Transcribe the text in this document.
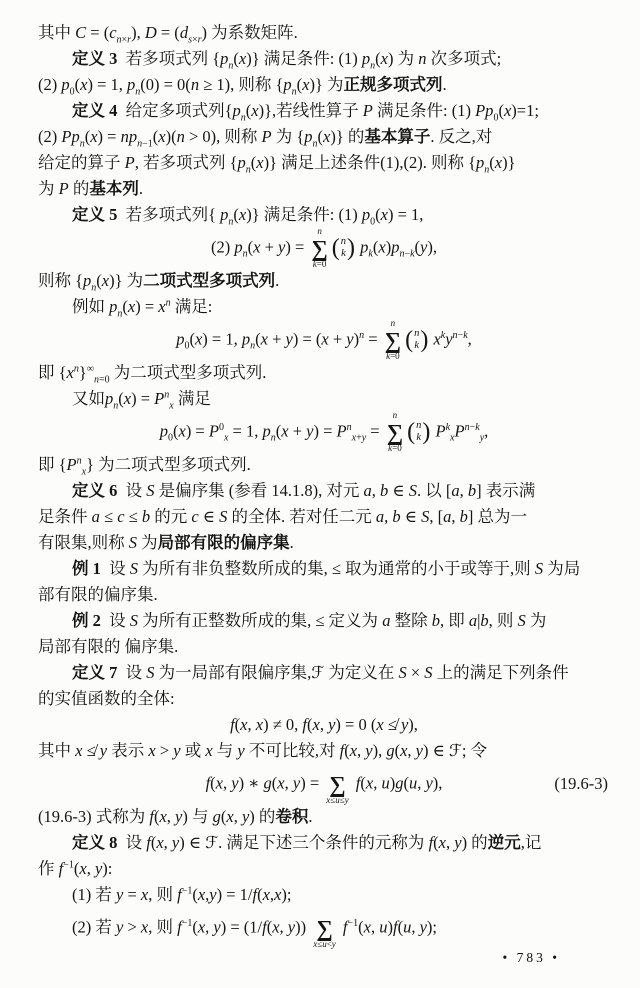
其中 $C = (c_{n\times r})$, $D = (d_{s\times r})$ 为系数矩阵.
定义 3  若多项式列 $\{p_n(x)\}$ 满足条件: (1) $p_n(x)$ 为 n 次多项式;
(2) $p_0(x) = 1$, $p_n(0) = 0(n \ge 1)$, 则称 $\{p_n(x)\}$ 为正规多项式列.
定义 4  给定多项式列$\{p_n(x)\}$,若线性算子 P 满足条件: (1) $Pp_0(x)=1$;
(2) $Pp_n(x) = np_{n-1}(x)(n > 0)$, 则称 P 为 $\{p_n(x)\}$ 的基本算子. 反之,对
给定的算子 P, 若多项式列 $\{p_n(x)\}$ 满足上述条件(1),(2). 则称 $\{p_n(x)\}$
为 P 的基本列.
定义 5  若多项式列{ $p_n(x)$} 满足条件: (1) $p_0(x) = 1$,
(2) $p_n(x + y)$ =
n
∑
k=0
( n
k ) $p_k(x)p_{n-k}(y)$,
则称 $\{p_n(x)\}$ 为二项式型多项式列.
例如 $p_n(x) = x^n$ 满足:
$p_0(x) = 1$, $p_n(x + y) = (x + y)^n$ =
n
∑
k=0
( n
k ) $x^ky^{n-k}$,
即 $\{x^n\}^\infty_{n=0}$ 为二项式型多项式列.
又如$p_n(x) = P^n_x$ 满足
$p_0(x) = P^0_x = 1$, $p_n(x + y) = P^n_{x+y}$ =
n
∑
k=0
( n
k ) $P^k_xP^{n-k}_y$,
即 $\{P^n_x\}$ 为二项式型多项式列.
定义 6  设 S 是偏序集 (参看 14.1.8), 对元 a, b ∈ S. 以 [a, b] 表示满
足条件 a ≤ c ≤ b 的元 c ∈ S 的全体. 若对任二元 a, b ∈ S, [a, b] 总为一
有限集,则称 S 为局部有限的偏序集.
例 1  设 S 为所有非负整数所成的集, ≤ 取为通常的小于或等于,则 S 为局
部有限的偏序集.
例 2  设 S 为所有正整数所成的集, ≤ 定义为 a 整除 b, 即 a|b, 则 S 为
局部有限的 偏序集.
定义 7  设 S 为一局部有限偏序集,ℱ 为定义在 S × S 上的满足下列条件
的实值函数的全体:
f(x, x) ≠ 0, f(x, y) = 0 (x ≰ y),
其中 x ≰ y 表示 x > y 或 x 与 y 不可比较,对 f(x, y), g(x, y) ∈ ℱ; 令
f(x, y) ∗ g(x, y) =
∑
x≤u≤y
f(x, u)g(u, y),	(19.6-3)
(19.6-3) 式称为 f(x, y) 与 g(x, y) 的卷积.
定义 8  设 f(x, y) ∈ ℱ. 满足下述三个条件的元称为 f(x, y) 的逆元,记
作 $f^{-1}(x$, y):
(1) 若 y = x, 则 $f^{-1}(x,y) = 1/f(x,x)$;
(2) 若 y > x, 则 $f^{-1}(x$, y) = (1/f(x, y))
∑
x≤u<y
$f^{-1}(x$, u)f(u, y);
• 783 •
